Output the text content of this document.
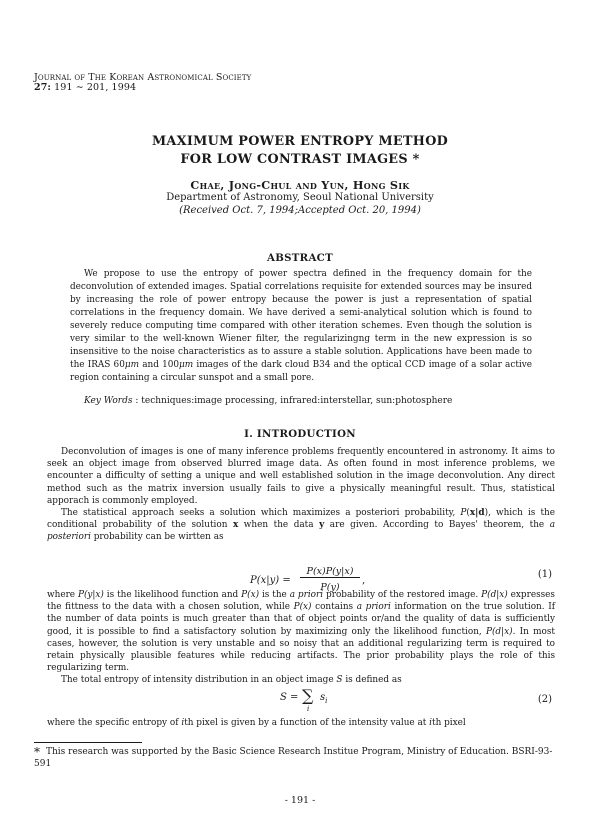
Journal of The Korean Astronomical Society
27: 191 ∼ 201, 1994
MAXIMUM POWER ENTROPY METHOD
FOR LOW CONTRAST IMAGES *
Chae, Jong-Chul and Yun, Hong Sik
Department of Astronomy, Seoul National University
(Received Oct. 7, 1994;Accepted Oct. 20, 1994)
ABSTRACT

We propose to use the entropy of power spectra defined in the frequency domain for the deconvolution of extended images. Spatial correlations requisite for extended sources may be insured by increasing the role of power entropy because the power is just a representation of spatial correlations in the frequency domain. We have derived a semi-analytical solution which is found to severely reduce computing time compared with other iteration schemes. Even though the solution is very similar to the well-known Wiener filter, the regularizingng term in the new expression is so insensitive to the noise characteristics as to assure a stable solution. Applications have been made to the IRAS 60μm and 100μm images of the dark cloud B34 and the optical CCD image of a solar active region containing a circular sunspot and a small pore.

Key Words : techniques:image processing, infrared:interstellar, sun:photosphere
I. INTRODUCTION

Deconvolution of images is one of many inference problems frequently encountered in astronomy. It aims to seek an object image from observed blurred image data. As often found in most inference problems, we encounter a difficulty of setting a unique and well established solution in the image deconvolution. Any direct method such as the matrix inversion usually fails to give a physically meaningful result. Thus, statistical apporach is commonly employed.

The statistical approach seeks a solution which maximizes a posteriori probability, P(x|d), which is the conditional probability of the solution x when the data y are given. According to Bayes' theorem, the a posteriori probability can be wirtten as

P(x|y) =
P(x)P(y|x)
P(y)
,
(1)

where P(y|x) is the likelihood function and P(x) is the a priori probability of the restored image. P(d|x) expresses the fittness to the data with a chosen solution, while P(x) contains a priori information on the true solution. If the number of data points is much greater than that of object points or/and the quality of data is sufficiently good, it is possible to find a satisfactory solution by maximizing only the likelihood function, P(d|x). In most cases, however, the solution is very unstable and so noisy that an additional regularizing term is required to retain physically plausible features while reducing artifacts. The prior probability plays the role of this regularizing term.

The total entropy of intensity distribution in an object image S is defined as

S = ∑
i
$s_i$	(2)

where the specific entropy of ith pixel is given by a function of the intensity value at ith pixel

* This research was supported by the Basic Science Research Institue Program, Ministry of Education. BSRI-93-591
- 191 -
